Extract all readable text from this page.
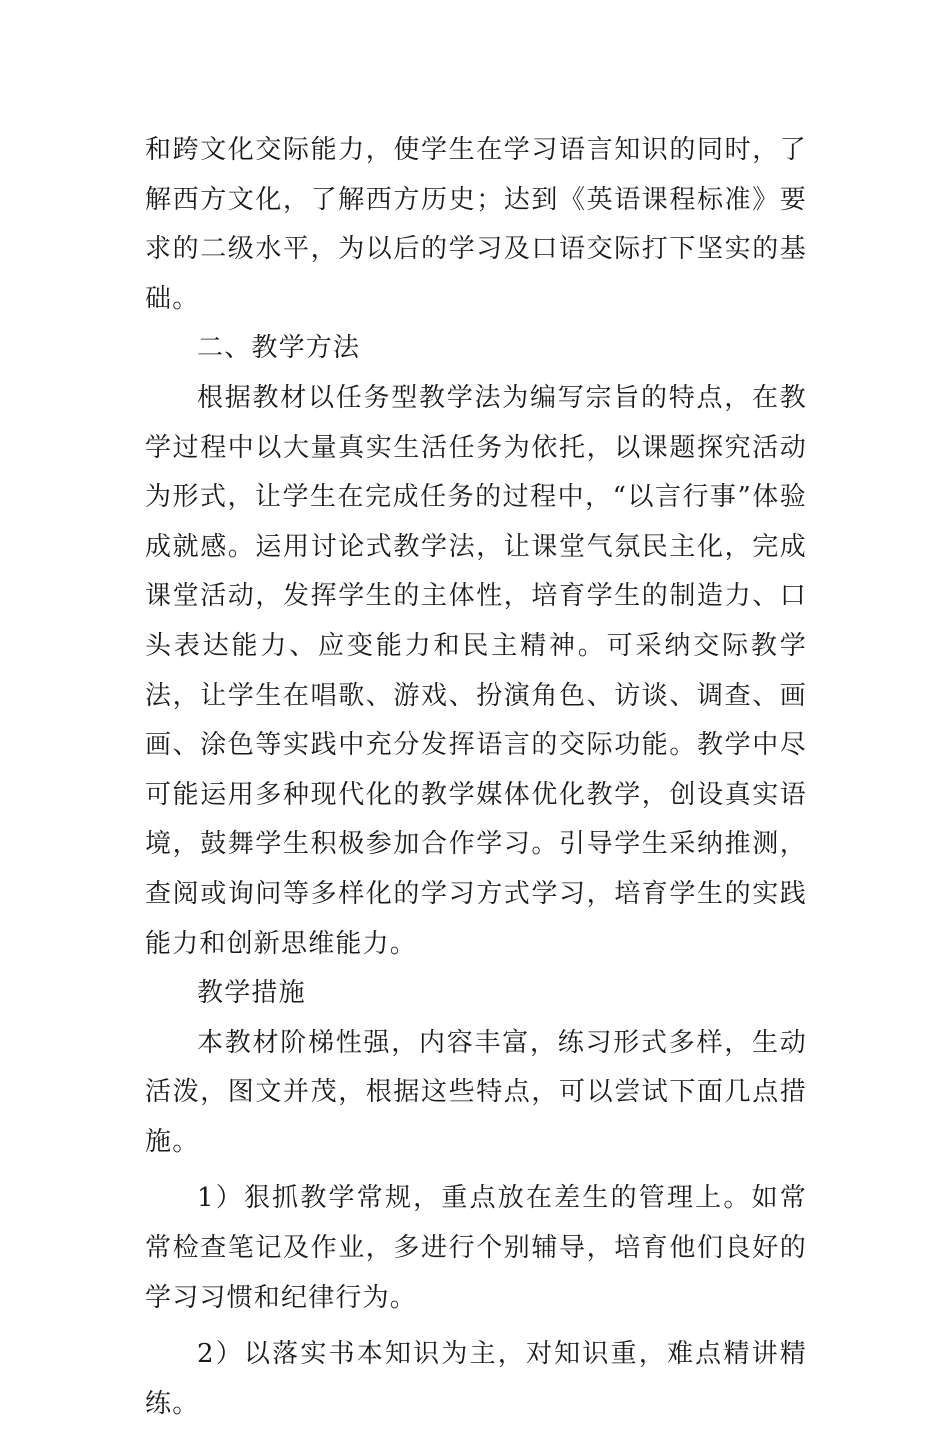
和跨文化交际能力，使学生在学习语言知识的同时，了解西方文化，了解西方历史；达到《英语课程标准》要求的二级水平，为以后的学习及口语交际打下坚实的基础。

二、教学方法

根据教材以任务型教学法为编写宗旨的特点，在教学过程中以大量真实生活任务为依托，以课题探究活动为形式，让学生在完成任务的过程中，“以言行事”体验成就感。运用讨论式教学法，让课堂气氛民主化，完成课堂活动，发挥学生的主体性，培育学生的制造力、口头表达能力、应变能力和民主精神。可采纳交际教学法，让学生在唱歌、游戏、扮演角色、访谈、调查、画画、涂色等实践中充分发挥语言的交际功能。教学中尽可能运用多种现代化的教学媒体优化教学，创设真实语境，鼓舞学生积极参加合作学习。引导学生采纳推测，查阅或询问等多样化的学习方式学习，培育学生的实践能力和创新思维能力。

教学措施

本教材阶梯性强，内容丰富，练习形式多样，生动活泼，图文并茂，根据这些特点，可以尝试下面几点措施。

1）狠抓教学常规，重点放在差生的管理上。如常常检查笔记及作业，多进行个别辅导，培育他们良好的学习习惯和纪律行为。

2）以落实书本知识为主，对知识重，难点精讲精练。
